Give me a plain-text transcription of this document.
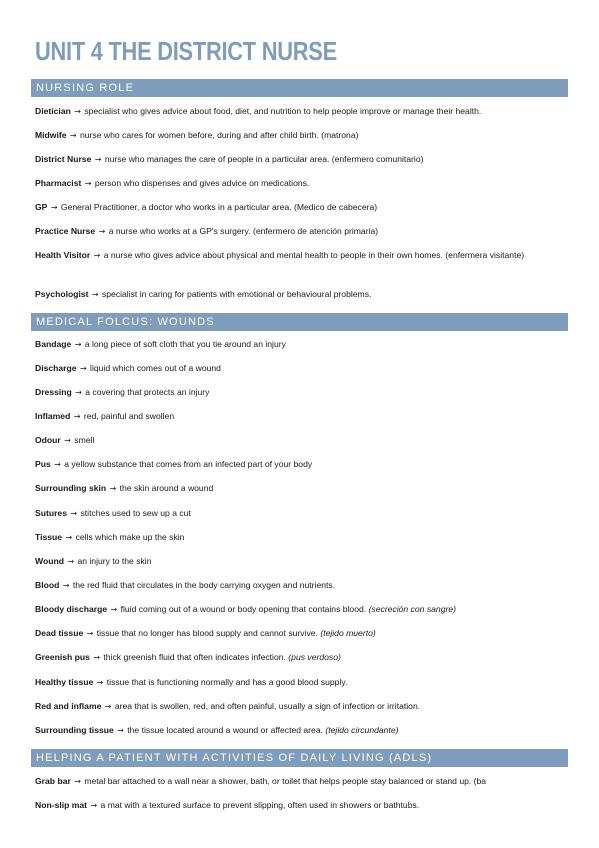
UNIT 4 THE DISTRICT NURSE
NURSING ROLE
Dietician → specialist who gives advice about food, diet, and nutrition to help people improve or manage their health.
Midwife → nurse who cares for women before, during and after child birth. (matrona)
District Nurse → nurse who manages the care of people in a particular area. (enfermero comunitario)
Pharmacist → person who dispenses and gives advice on medications.
GP → General Practitioner, a doctor who works in a particular area. (Medico de cabecera)
Practice Nurse → a nurse who works at a GP's surgery. (enfermero de atención primaria)
Health Visitor → a nurse who gives advice about physical and mental health to people in their own homes. (enfermera visitante)
Psychologist → specialist in caring for patients with emotional or behavioural problems.
MEDICAL FOLCUS: WOUNDS
Bandage → a long piece of soft cloth that you tie around an injury
Discharge → liquid which comes out of a wound
Dressing → a covering that protects an injury
Inflamed → red, painful and swollen
Odour → smell
Pus → a yellow substance that comes from an infected part of your body
Surrounding skin → the skin around a wound
Sutures → stitches used to sew up a cut
Tissue → cells which make up the skin
Wound → an injury to the skin
Blood → the red fluid that circulates in the body carrying oxygen and nutrients.
Bloody discharge → fluid coming out of a wound or body opening that contains blood. (secreción con sangre)
Dead tissue → tissue that no longer has blood supply and cannot survive. (tejido muerto)
Greenish pus → thick greenish fluid that often indicates infection. (pus verdoso)
Healthy tissue → tissue that is functioning normally and has a good blood supply.
Red and inflame → area that is swollen, red, and often painful, usually a sign of infection or irritation.
Surrounding tissue → the tissue located around a wound or affected area. (tejido circundante)
HELPING A PATIENT WITH ACTIVITIES OF DAILY LIVING (ADLS)
Grab bar → metal bar attached to a wall near a shower, bath, or toilet that helps people stay balanced or stand up. (ba
Non-slip mat → a mat with a textured surface to prevent slipping, often used in showers or bathtubs.
